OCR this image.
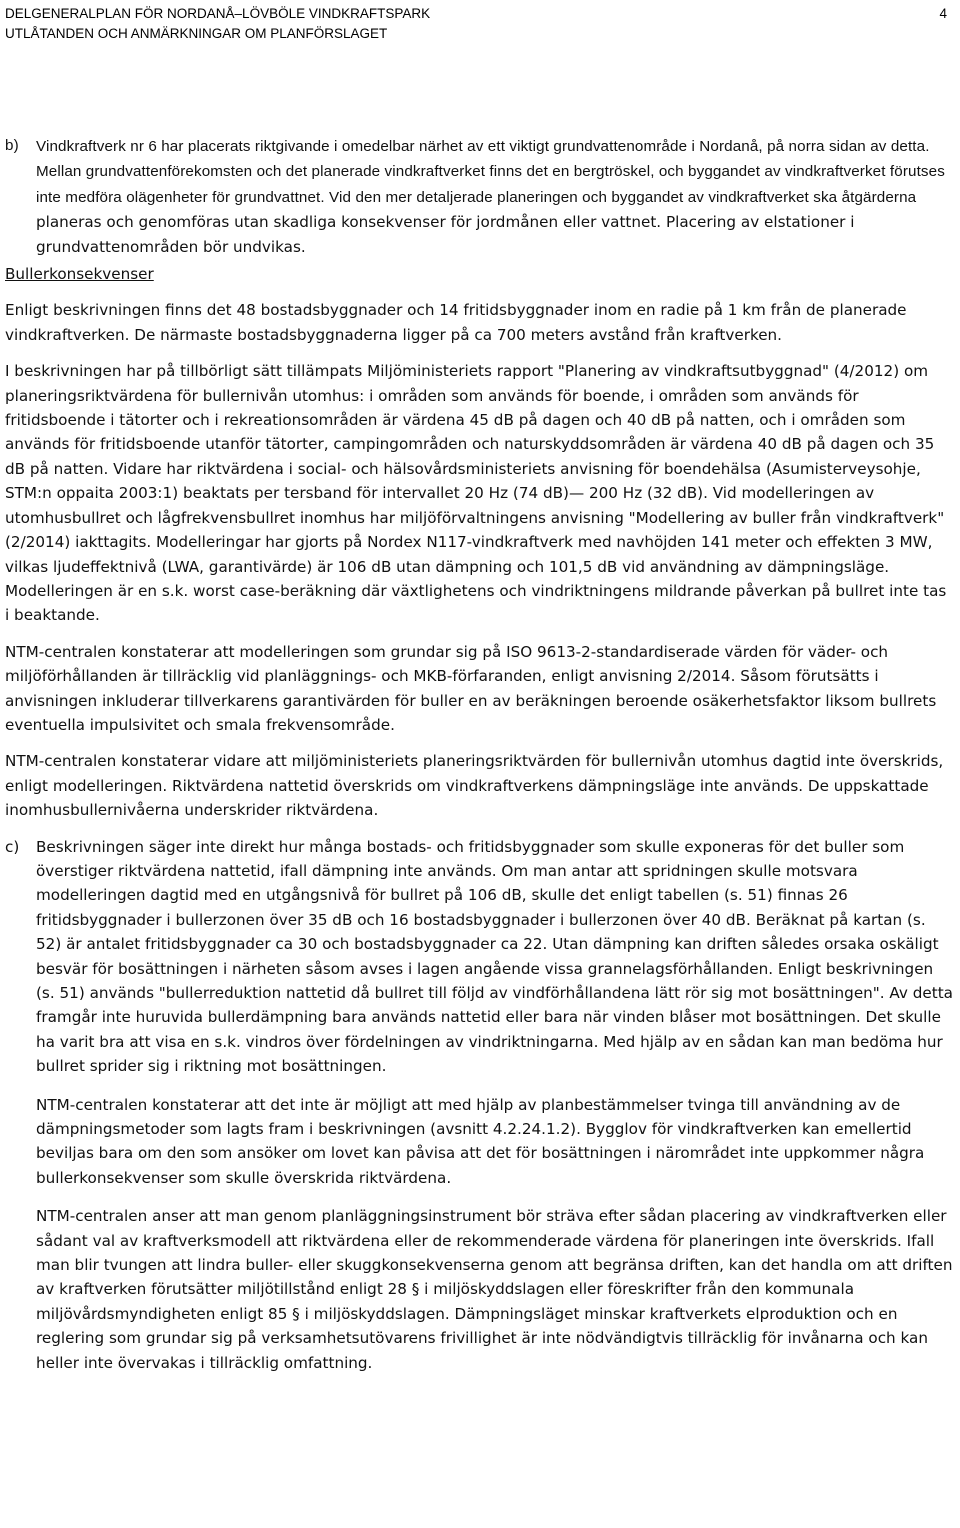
DELGENERALPLAN FÖR NORDANÅ–LÖVBÖLE VINDKRAFTSPARK	4
UTLÅTANDEN OCH ANMÄRKNINGAR OM PLANFÖRSLAGET
b)	Vindkraftverk nr 6 har placerats riktgivande i omedelbar närhet av ett viktigt grundvattenområde i Nordanå, på norra sidan av detta. Mellan grundvattenförekomsten och det planerade vindkraftverket finns det en bergtröskel, och byggandet av vindkraftverket förutses inte medföra olägenheter för grundvattnet. Vid den mer detaljerade planeringen och byggandet av vindkraftverket ska åtgärderna planeras och genomföras utan skadliga konsekvenser för jordmånen eller vattnet. Placering av elstationer i grundvattenområden bör undvikas.
Bullerkonsekvenser

Enligt beskrivningen finns det 48 bostadsbyggnader och 14 fritidsbyggnader inom en radie på 1 km från de planerade vindkraftverken. De närmaste bostadsbyggnaderna ligger på ca 700 meters avstånd från kraftverken.

I beskrivningen har på tillbörligt sätt tillämpats Miljöministeriets rapport "Planering av vindkraftsutbyggnad" (4/2012) om planeringsriktvärdena för bullernivån utomhus: i områden som används för boende, i områden som används för fritidsboende i tätorter och i rekreationsområden är värdena 45 dB på dagen och 40 dB på natten, och i områden som används för fritidsboende utanför tätorter, campingområden och naturskyddsområden är värdena 40 dB på dagen och 35 dB på natten. Vidare har riktvärdena i social- och hälsovårdsministeriets anvisning för boendehälsa (Asumisterveysohje, STM:n oppaita 2003:1) beaktats per tersband för intervallet 20 Hz (74 dB)— 200 Hz (32 dB). Vid modelleringen av utomhusbullret och lågfrekvensbullret inomhus har miljöförvaltningens anvisning "Modellering av buller från vindkraftverk" (2/2014) iakttagits. Modelleringar har gjorts på Nordex N117-vindkraftverk med navhöjden 141 meter och effekten 3 MW, vilkas ljudeffektnivå (LWA, garantivärde) är 106 dB utan dämpning och 101,5 dB vid användning av dämpningsläge. Modelleringen är en s.k. worst case-beräkning där växtlighetens och vindriktningens mildrande påverkan på bullret inte tas i beaktande.

NTM-centralen konstaterar att modelleringen som grundar sig på ISO 9613-2-standardiserade värden för väder- och miljöförhållanden är tillräcklig vid planläggnings- och MKB-förfaranden, enligt anvisning 2/2014. Såsom förutsätts i anvisningen inkluderar tillverkarens garantivärden för buller en av beräkningen beroende osäkerhetsfaktor liksom bullrets eventuella impulsivitet och smala frekvensområde.

NTM-centralen konstaterar vidare att miljöministeriets planeringsriktvärden för bullernivån utomhus dagtid inte överskrids, enligt modelleringen. Riktvärdena nattetid överskrids om vindkraftverkens dämpningsläge inte används. De uppskattade inomhusbullernivåerna underskrider riktvärdena.

c)	Beskrivningen säger inte direkt hur många bostads- och fritidsbyggnader som skulle exponeras för det buller som överstiger riktvärdena nattetid, ifall dämpning inte används. Om man antar att spridningen skulle motsvara modelleringen dagtid med en utgångsnivå för bullret på 106 dB, skulle det enligt tabellen (s. 51) finnas 26 fritidsbyggnader i bullerzonen över 35 dB och 16 bostadsbyggnader i bullerzonen över 40 dB. Beräknat på kartan (s. 52) är antalet fritidsbyggnader ca 30 och bostadsbyggnader ca 22. Utan dämpning kan driften således orsaka oskäligt besvär för bosättningen i närheten såsom avses i lagen angående vissa grannelagsförhållanden. Enligt beskrivningen (s. 51) används "bullerreduktion nattetid då bullret till följd av vindförhållandena lätt rör sig mot bosättningen". Av detta framgår inte huruvida bullerdämpning bara används nattetid eller bara när vinden blåser mot bosättningen. Det skulle ha varit bra att visa en s.k. vindros över fördelningen av vindriktningarna. Med hjälp av en sådan kan man bedöma hur bullret sprider sig i riktning mot bosättningen.

NTM-centralen konstaterar att det inte är möjligt att med hjälp av planbestämmelser tvinga till användning av de dämpningsmetoder som lagts fram i beskrivningen (avsnitt 4.2.24.1.2). Bygglov för vindkraftverken kan emellertid beviljas bara om den som ansöker om lovet kan påvisa att det för bosättningen i närområdet inte uppkommer några bullerkonsekvenser som skulle överskrida riktvärdena.

NTM-centralen anser att man genom planläggningsinstrument bör sträva efter sådan placering av vindkraftverken eller sådant val av kraftverksmodell att riktvärdena eller de rekommenderade värdena för planeringen inte överskrids. Ifall man blir tvungen att lindra buller- eller skuggkonsekvenserna genom att begränsa driften, kan det handla om att driften av kraftverken förutsätter miljötillstånd enligt 28 § i miljöskyddslagen eller föreskrifter från den kommunala miljövårdsmyndigheten enligt 85 § i miljöskyddslagen. Dämpningsläget minskar kraftverkets elproduktion och en reglering som grundar sig på verksamhetsutövarens frivillighet är inte nödvändigtvis tillräcklig för invånarna och kan heller inte övervakas i tillräcklig omfattning.
